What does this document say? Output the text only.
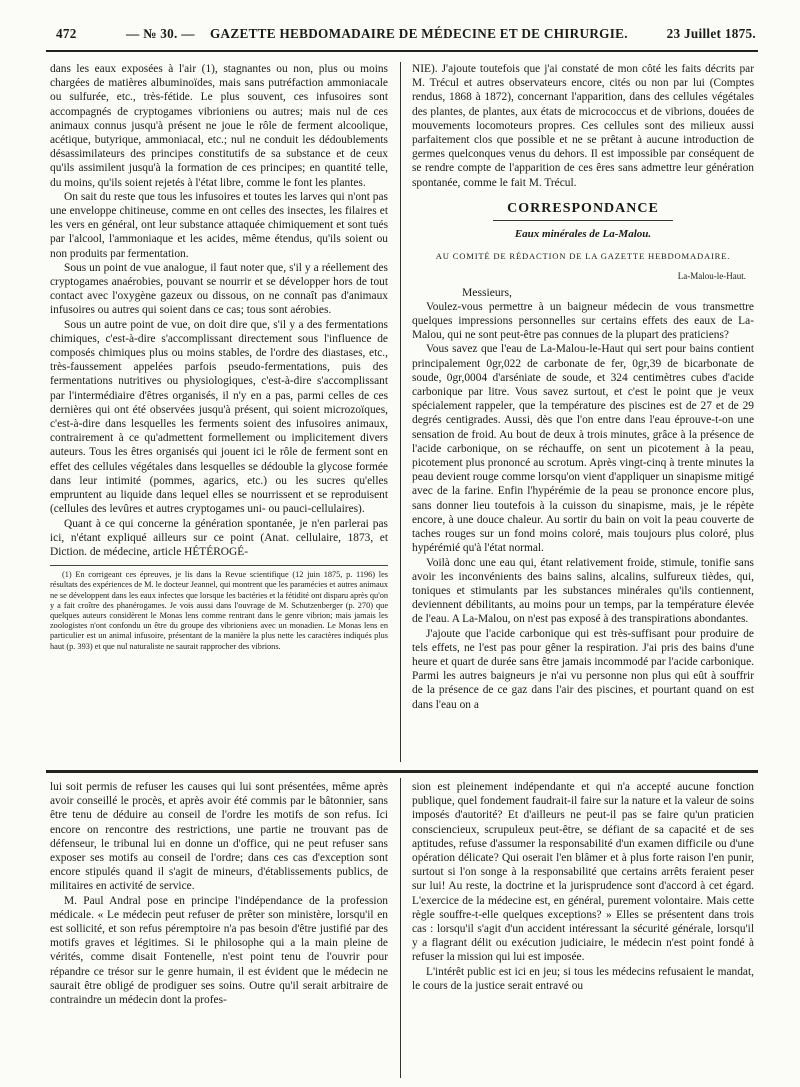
472	— № 30. — GAZETTE HEBDOMADAIRE DE MÉDECINE ET DE CHIRURGIE.	23 Juillet 1875.

dans les eaux exposées à l'air (1), stagnantes ou non, plus ou moins chargées de matières albuminoïdes, mais sans putréfaction ammoniacale ou sulfurée, etc., très-fétide. Le plus souvent, ces infusoires sont accompagnés de cryptogames vibrioniens ou autres; mais nul de ces animaux connus jusqu'à présent ne joue le rôle de ferment alcoolique, acétique, butyrique, ammoniacal, etc.; nul ne conduit les dédoublements désassimilateurs des principes constitutifs de sa substance et de ceux qu'ils assimilent jusqu'à la formation de ces principes; en quantité telle, du moins, qu'ils soient rejetés à l'état libre, comme le font les plantes.

On sait du reste que tous les infusoires et toutes les larves qui n'ont pas une enveloppe chitineuse, comme en ont celles des insectes, les filaires et les vers en général, ont leur substance attaquée chimiquement et sont tués par l'alcool, l'ammoniaque et les acides, même étendus, qu'ils soient ou non produits par fermentation.

Sous un point de vue analogue, il faut noter que, s'il y a réellement des cryptogames anaérobies, pouvant se nourrir et se développer hors de tout contact avec l'oxygène gazeux ou dissous, on ne connaît pas d'animaux infusoires ou autres qui soient dans ce cas; tous sont aérobies.

Sous un autre point de vue, on doit dire que, s'il y a des fermentations chimiques, c'est-à-dire s'accomplissant directement sous l'influence de composés chimiques plus ou moins stables, de l'ordre des diastases, etc., très-faussement appelées parfois pseudo-fermentations, puis des fermentations nutritives ou physiologiques, c'est-à-dire s'accomplissant par l'intermédiaire d'êtres organisés, il n'y en a pas, parmi celles de ces dernières qui ont été observées jusqu'à présent, qui soient microzoïques, c'est-à-dire dans lesquelles les ferments soient des infusoires animaux, contrairement à ce qu'admettent formellement ou implicitement divers auteurs. Tous les êtres organisés qui jouent ici le rôle de ferment sont en effet des cellules végétales dans lesquelles se dédouble la glycose formée dans leur intimité (pommes, agarics, etc.) ou les sucres qu'elles empruntent au liquide dans lequel elles se nourrissent et se reproduisent (cellules des levûres et autres cryptogames uni- ou pauci-cellulaires).

Quant à ce qui concerne la génération spontanée, je n'en parlerai pas ici, n'étant expliqué ailleurs sur ce point (Anat. cellulaire, 1873, et Diction. de médecine, article HÉTÉROGÉ-

(1) En corrigeant ces épreuves, je lis dans la Revue scientifique (12 juin 1875, p. 1196) les résultats des expériences de M. le docteur Jeannel, qui montrent que les paramécies et autres animaux ne se développent dans les eaux infectes que lorsque les bactéries et la fétidité ont disparu après qu'on y a fait croître des phanérogames. Je vois aussi dans l'ouvrage de M. Schutzenberger (p. 270) que quelques auteurs considèrent le Monas lens comme rentrant dans le genre vibrion; mais jamais les zoologistes n'ont confondu un être du groupe des vibrioniens avec un monadien. Le Monas lens en particulier est un animal infusoire, présentant de la manière la plus nette les caractères indiqués plus haut (p. 393) et que nul naturaliste ne saurait rapprocher des vibrions.

NIE). J'ajoute toutefois que j'ai constaté de mon côté les faits décrits par M. Trécul et autres observateurs encore, cités ou non par lui (Comptes rendus, 1868 à 1872), concernant l'apparition, dans des cellules végétales des plantes, de plantes, aux états de micrococcus et de vibrions, douées de mouvements locomoteurs propres. Ces cellules sont des milieux aussi parfaitement clos que possible et ne se prêtant à aucune introduction de germes quelconques venus du dehors. Il est impossible par conséquent de se rendre compte de l'apparition de ces êres sans admettre leur génération spontanée, comme le fait M. Trécul.

CORRESPONDANCE
Eaux minérales de La-Malou.
AU COMITÉ DE RÉDACTION DE LA GAZETTE HEBDOMADAIRE.
La-Malou-le-Haut.
Messieurs,

Voulez-vous permettre à un baigneur médecin de vous transmettre quelques impressions personnelles sur certains effets des eaux de La-Malou, qui ne sont peut-être pas connues de la plupart des praticiens?

Vous savez que l'eau de La-Malou-le-Haut qui sert pour bains contient principalement 0gr,022 de carbonate de fer, 0gr,39 de bicarbonate de soude, 0gr,0004 d'arséniate de soude, et 324 centimètres cubes d'acide carbonique par litre. Vous savez surtout, et c'est le point que je veux spécialement rappeler, que la température des piscines est de 27 et de 29 degrés centigrades. Aussi, dès que l'on entre dans l'eau éprouve-t-on une sensation de froid. Au bout de deux à trois minutes, grâce à la présence de l'acide carbonique, on se réchauffe, on sent un picotement à la peau, picotement plus prononcé au scrotum. Après vingt-cinq à trente minutes la peau devient rouge comme lorsqu'on vient d'appliquer un sinapisme mitigé avec de la farine. Enfin l'hypérémie de la peau se prononce encore plus, sans donner lieu toutefois à la cuisson du sinapisme, mais, je le répète encore, à une douce chaleur. Au sortir du bain on voit la peau couverte de taches rouges sur un fond moins coloré, mais toujours plus coloré, plus hypérémié qu'à l'état normal.

Voilà donc une eau qui, étant relativement froide, stimule, tonifie sans avoir les inconvénients des bains salins, alcalins, sulfureux tièdes, qui, toniques et stimulants par les substances minérales qu'ils contiennent, deviennent débilitants, au moins pour un temps, par la température élevée de l'eau. A La-Malou, on n'est pas exposé à des transpirations abondantes.

J'ajoute que l'acide carbonique qui est très-suffisant pour produire de tels effets, ne l'est pas pour gêner la respiration. J'ai pris des bains d'une heure et quart de durée sans être jamais incommodé par l'acide carbonique. Parmi les autres baigneurs je n'ai vu personne non plus qui eût à souffrir de la présence de ce gaz dans l'air des piscines, et pourtant quand on est dans l'eau on a

lui soit permis de refuser les causes qui lui sont présentées, même après avoir conseillé le procès, et après avoir été commis par le bâtonnier, sans être tenu de déduire au conseil de l'ordre les motifs de son refus. Ici encore on rencontre des restrictions, une partie ne trouvant pas de défenseur, le tribunal lui en donne un d'office, qui ne peut refuser sans exposer ses motifs au conseil de l'ordre; dans ces cas d'exception sont encore stipulés quand il s'agit de mineurs, d'établissements publics, de militaires en activité de service.

M. Paul Andral pose en principe l'indépendance de la profession médicale. « Le médecin peut refuser de prêter son ministère, lorsqu'il en est sollicité, et son refus péremptoire n'a pas besoin d'être justifié par des motifs graves et légitimes. Si le philosophe qui a la main pleine de vérités, comme disait Fontenelle, n'est point tenu de l'ouvrir pour répandre ce trésor sur le genre humain, il est évident que le médecin ne saurait être obligé de prodiguer ses soins. Outre qu'il serait arbitraire de contraindre un médecin dont la profes-

sion est pleinement indépendante et qui n'a accepté aucune fonction publique, quel fondement faudrait-il faire sur la nature et la valeur de soins imposés d'autorité? Et d'ailleurs ne peut-il pas se faire qu'un praticien consciencieux, scrupuleux peut-être, se défiant de sa capacité et de ses aptitudes, refuse d'assumer la responsabilité d'un examen difficile ou d'une opération délicate? Qui oserait l'en blâmer et à plus forte raison l'en punir, surtout si l'on songe à la responsabilité que certains arrêts feraient peser sur lui! Au reste, la doctrine et la jurisprudence sont d'accord à cet égard. L'exercice de la médecine est, en général, purement volontaire. Mais cette règle souffre-t-elle quelques exceptions? » Elles se présentent dans trois cas : lorsqu'il s'agit d'un accident intéressant la sécurité générale, lorsqu'il y a flagrant délit ou exécution judiciaire, le médecin n'est point fondé à refuser la mission qui lui est imposée.

L'intérêt public est ici en jeu; si tous les médecins refusaient le mandat, le cours de la justice serait entravé ou
